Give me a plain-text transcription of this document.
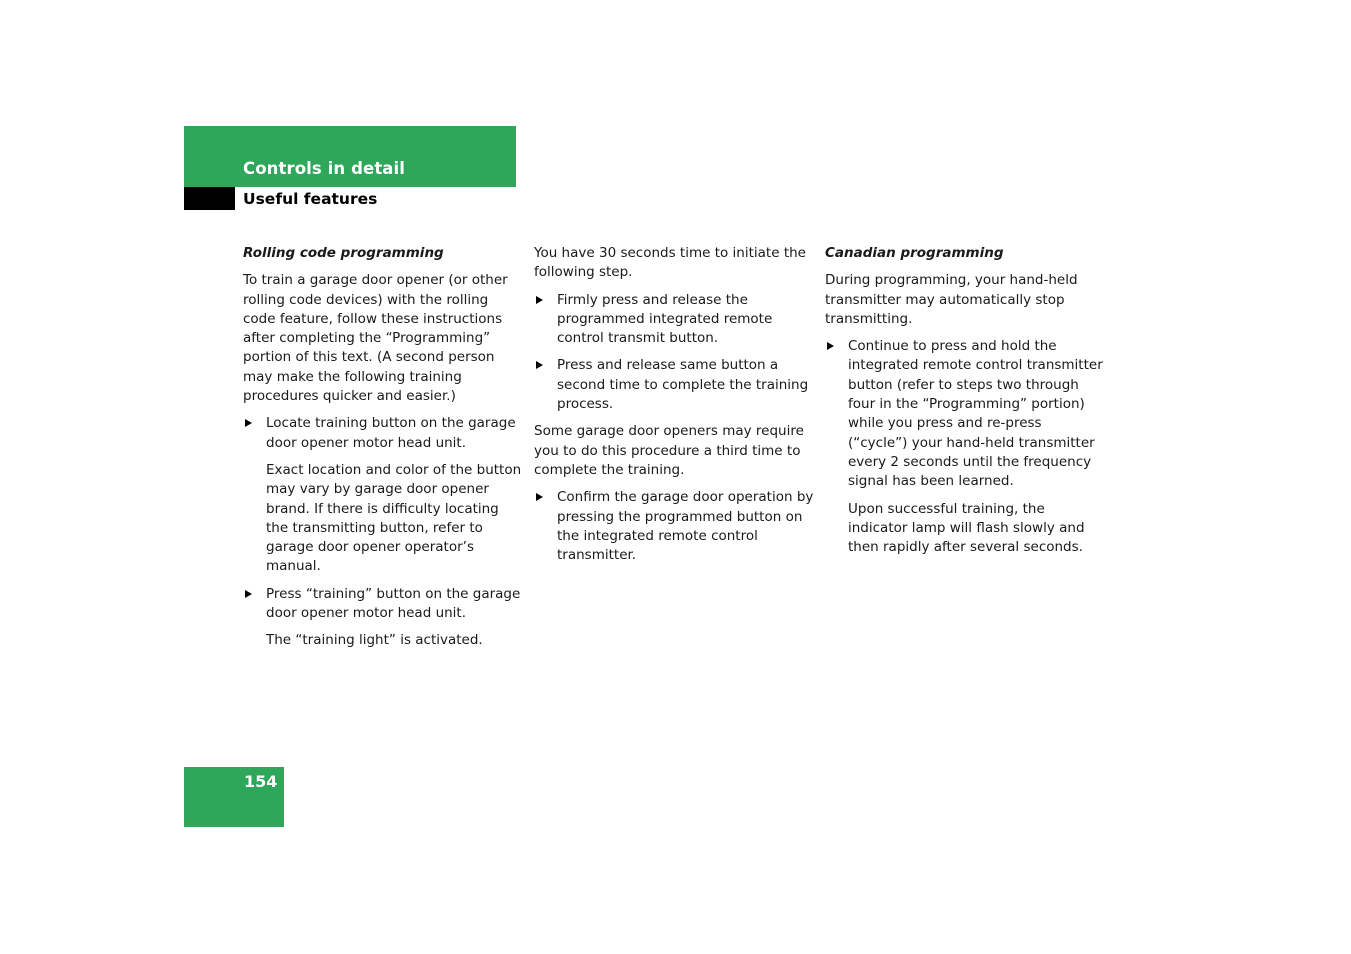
Controls in detail
Useful features

Rolling code programming

To train a garage door opener (or other rolling code devices) with the rolling code feature, follow these instructions after completing the “Programming” portion of this text. (A second person may make the following training procedures quicker and easier.)

Locate training button on the garage door opener motor head unit.

Exact location and color of the button may vary by garage door opener brand. If there is difficulty locating the transmitting button, refer to garage door opener operator’s manual.

Press “training” button on the garage door opener motor head unit.

The “training light” is activated.

You have 30 seconds time to initiate the following step.

Firmly press and release the programmed integrated remote control transmit button.

Press and release same button a second time to complete the training process.

Some garage door openers may require you to do this procedure a third time to complete the training.

Confirm the garage door operation by pressing the programmed button on the integrated remote control transmitter.

Canadian programming

During programming, your hand-held transmitter may automatically stop transmitting.

Continue to press and hold the integrated remote control transmitter button (refer to steps two through four in the “Programming” portion) while you press and re-press (“cycle”) your hand-held transmitter every 2 seconds until the frequency signal has been learned.

Upon successful training, the indicator lamp will flash slowly and then rapidly after several seconds.

154
